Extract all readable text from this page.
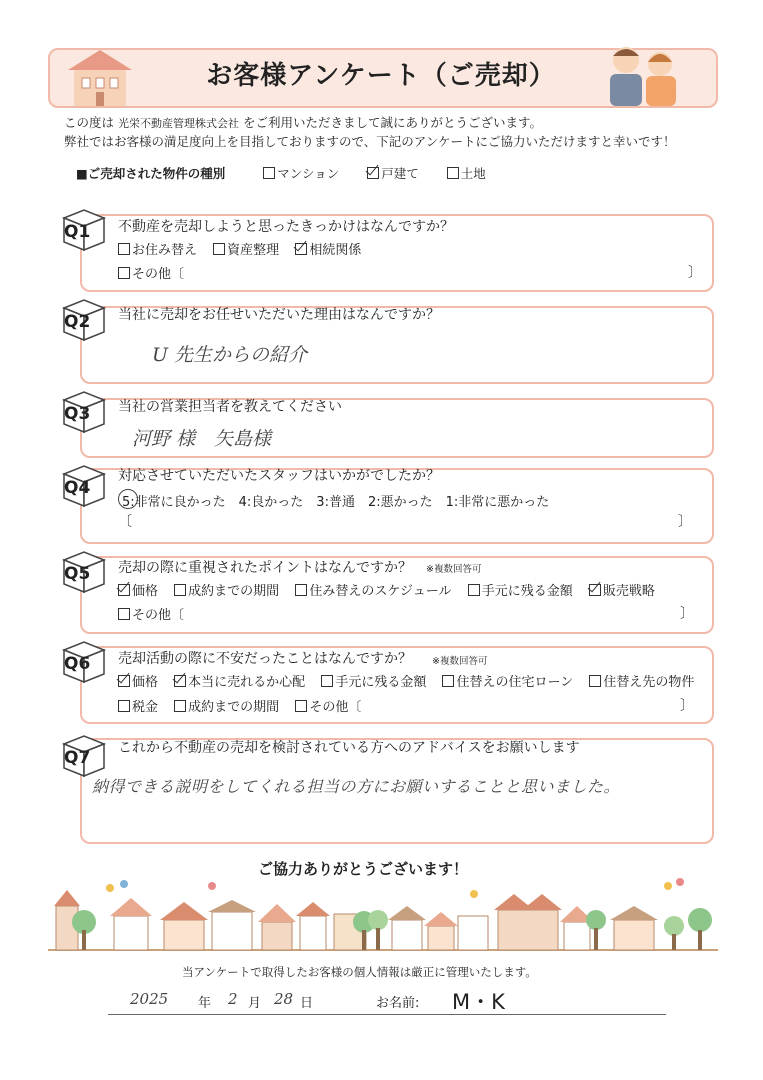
お客様アンケート（ご売却）
この度は 光栄不動産管理株式会社 をご利用いただきまして誠にありがとうございます。
弊社ではお客様の満足度向上を目指しておりますので、下記のアンケートにご協力いただけますと幸いです！
■ご売却された物件の種別	マンション	戸建て	土地
Q1 不動産を売却しようと思ったきっかけはなんですか？
お住み替え 資産整理 相続関係
その他〔	〕
Q2 当社に売却をお任せいただいた理由はなんですか？
U 先生からの紹介
Q3 当社の営業担当者を教えてください
河野 様　矢島様
Q4
対応させていただいたスタッフはいかがでしたか？
5:非常に良かった　4:良かった　3:普通　2:悪かった　1:非常に悪かった
〔	〕
Q5 売却の際に重視されたポイントはなんですか？ ※複数回答可
価格 成約までの期間 住み替えのスケジュール 手元に残る金額 販売戦略
その他〔	〕
Q6 売却活動の際に不安だったことはなんですか？ ※複数回答可
価格 本当に売れるか心配 手元に残る金額 住替えの住宅ローン 住替え先の物件
税金 成約までの期間 その他〔	〕
Q7 これから不動産の売却を検討されている方へのアドバイスをお願いします
納得できる説明をしてくれる担当の方にお願いすることと思いました。
ご協力ありがとうございます！
当アンケートで取得したお客様の個人情報は厳正に管理いたします。
2025 年 2 月 28 日	お名前: M・K
